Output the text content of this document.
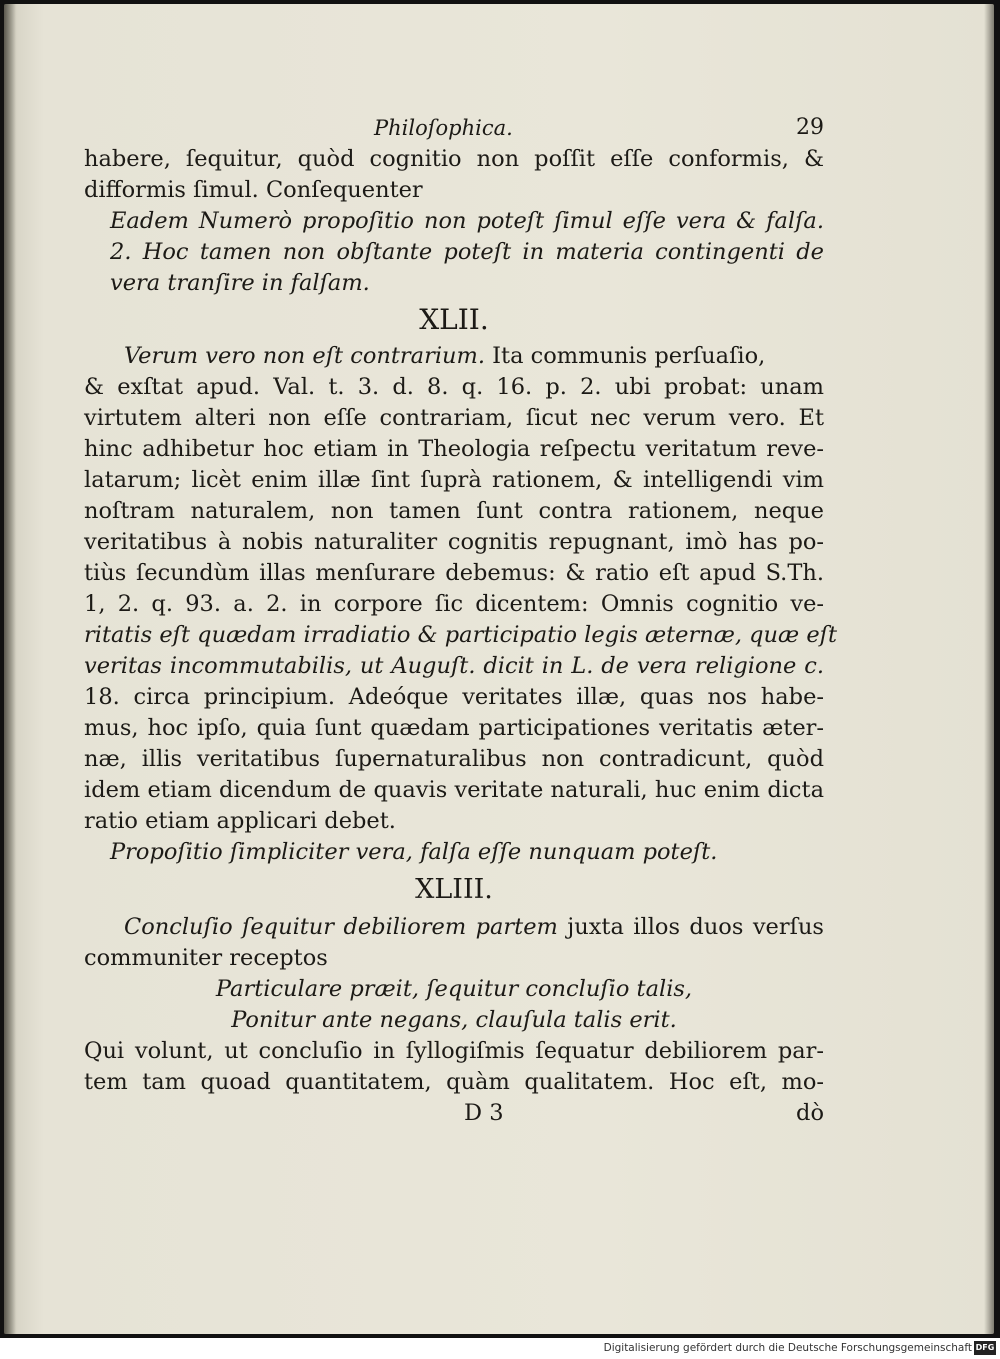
Philoſophica.	29
habere, ſequitur, quòd cognitio non poſſit eſſe conformis, &
difformis ſimul. Conſequenter
Eadem Numerò propoſitio non poteſt ſimul eſſe vera & falſa.
2. Hoc tamen non obſtante poteſt in materia contingenti de
vera tranſire in falſam.
XLII.
Verum vero non eſt contrarium. Ita communis perſuaſio,
& exſtat apud. Val. t. 3. d. 8. q. 16. p. 2. ubi probat: unam
virtutem alteri non eſſe contrariam, ſicut nec verum vero. Et
hinc adhibetur hoc etiam in Theologia reſpectu veritatum reve-
latarum; licèt enim illæ ſint ſuprà rationem, & intelligendi vim
noſtram naturalem, non tamen ſunt contra rationem, neque
veritatibus à nobis naturaliter cognitis repugnant, imò has po-
tiùs ſecundùm illas menſurare debemus: & ratio eſt apud S.Th.
1, 2. q. 93. a. 2. in corpore ſic dicentem: Omnis cognitio ve-
ritatis eſt quædam irradiatio & participatio legis æternæ, quæ eſt
veritas incommutabilis, ut Auguſt. dicit in L. de vera religione c.
18. circa principium. Adeóque veritates illæ, quas nos habe-
mus, hoc ipſo, quia ſunt quædam participationes veritatis æter-
næ, illis veritatibus ſupernaturalibus non contradicunt, quòd
idem etiam dicendum de quavis veritate naturali, huc enim dicta
ratio etiam applicari debet.
Propoſitio ſimpliciter vera, falſa eſſe nunquam poteſt.
XLIII.
Concluſio ſequitur debiliorem partem juxta illos duos verſus
communiter receptos
Particulare præit, ſequitur concluſio talis,
Ponitur ante negans, clauſula talis erit.
Qui volunt, ut concluſio in ſyllogiſmis ſequatur debiliorem par-
tem tam quoad quantitatem, quàm qualitatem. Hoc eſt, mo-
D 3	dò
Digitalisierung gefördert durch die Deutsche Forschungsgemeinschaft DFG
